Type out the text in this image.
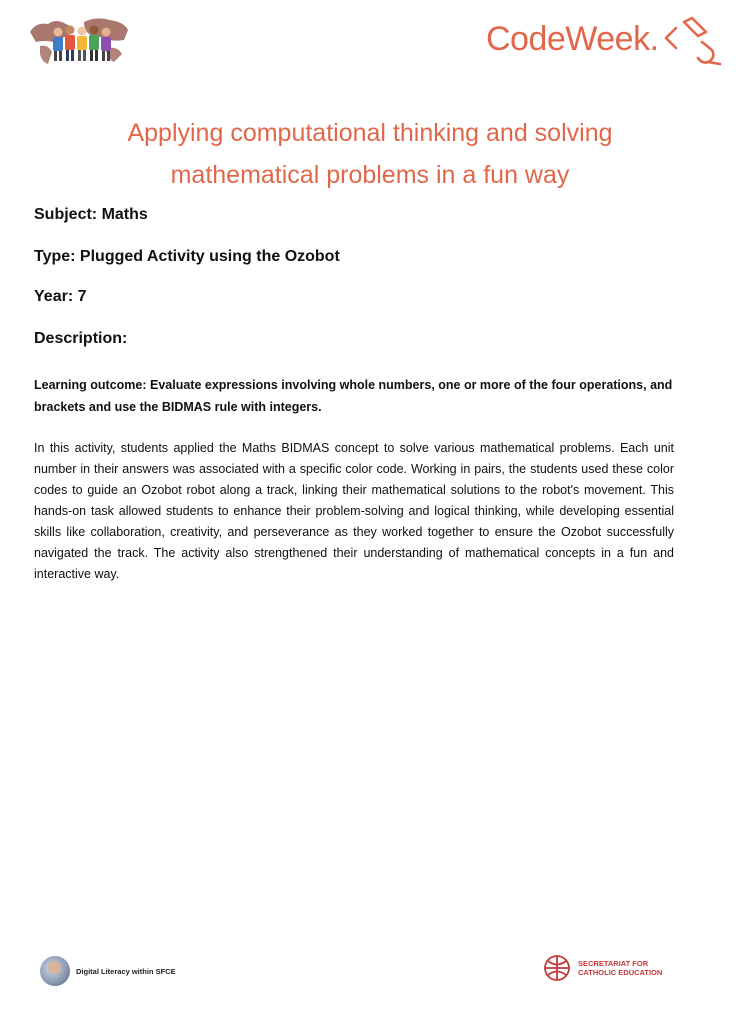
CodeWeek.
Applying computational thinking and solving
mathematical problems in a fun way
Subject: Maths
Type: Plugged Activity using the Ozobot
Year: 7
Description:

Learning outcome: Evaluate expressions involving whole numbers, one or more of the four operations, and brackets and use the BIDMAS rule with integers.

In this activity, students applied the Maths BIDMAS concept to solve various mathematical problems. Each unit number in their answers was associated with a specific color code. Working in pairs, the students used these color codes to guide an Ozobot robot along a track, linking their mathematical solutions to the robot's movement. This hands-on task allowed students to enhance their problem-solving and logical thinking, while developing essential skills like collaboration, creativity, and perseverance as they worked together to ensure the Ozobot successfully navigated the track. The activity also strengthened their understanding of mathematical concepts in a fun and interactive way.

Digital Literacy within SFCE
SECRETARIAT FOR
CATHOLIC EDUCATION
